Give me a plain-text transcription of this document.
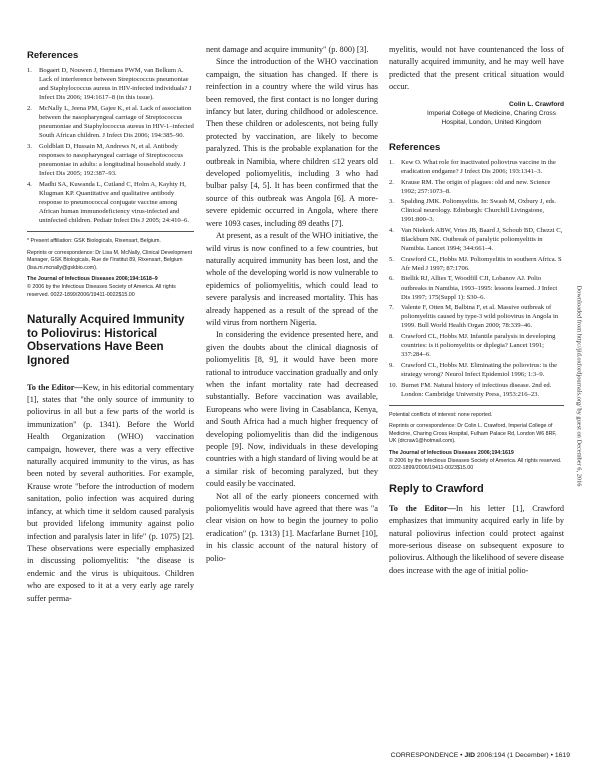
References
1. Bogaert D, Nouwen J, Hermans PWM, van Belkum A. Lack of interference between Streptococcus pneumoniae and Staphylococcus aureus in HIV-infected individuals? J Infect Dis 2006; 194:1617–8 (in this issue).
2. McNally L, Jeena PM, Gajee K, et al. Lack of association between the nasopharyngeal carriage of Streptococcus pneumoniae and Staphylococcus aureus in HIV-1–infected South African children. J Infect Dis 2006; 194:385–90.
3. Goldblatt D, Hussain M, Andrews N, et al. Antibody responses to nasopharyngeal carriage of Streptococcus pneumoniae in adults: a longitudinal household study. J Infect Dis 2005; 192:387–93.
4. Madhi SA, Kuwanda L, Cutland C, Holm A, Kayhty H, Klugman KP. Quantitative and qualitative antibody response to pneumococcal conjugate vaccine among African human immunodeficiency virus-infected and uninfected children. Pediatr Infect Dis J 2005; 24:410–6.
* Present affiliation: GSK Biologicals, Rixensart, Belgium.
Reprints or correspondence: Dr Lisa M. McNally, Clinical Development Manager, GSK Biologicals, Rue de l'Institut 89, Rixensart, Belgium (lisa.m.mcnally@gskbio.com).
The Journal of Infectious Diseases 2006;194:1618–9
© 2006 by the Infectious Diseases Society of America. All rights reserved. 0022-1899/2006/19411-0022$15.00
Naturally Acquired Immunity to Poliovirus: Historical Observations Have Been Ignored

To the Editor—Kew, in his editorial commentary [1], states that "the only source of immunity to poliovirus in all but a few parts of the world is immunization" (p. 1341). Before the World Health Organization (WHO) vaccination campaign, however, there was a very effective naturally acquired immunity to the virus, as has been noted by several authorities. For example, Krause wrote "before the introduction of modern sanitation, polio infection was acquired during infancy, at which time it seldom caused paralysis but provided lifelong immunity against polio infection and paralysis later in life" (p. 1075) [2]. These observations were especially emphasized in discussing poliomyelitis: "the disease is endemic and the virus is ubiquitous. Children who are exposed to it at a very early age rarely suffer perma-

nent damage and acquire immunity" (p. 800) [3].

Since the introduction of the WHO vaccination campaign, the situation has changed. If there is reinfection in a country where the wild virus has been removed, the first contact is no longer during infancy but later, during childhood or adolescence. Then these children or adolescents, not being fully protected by vaccination, are likely to become paralyzed. This is the probable explanation for the outbreak in Namibia, where children ≤12 years old developed poliomyelitis, including 3 who had bulbar palsy [4, 5]. It has been confirmed that the source of this outbreak was Angola [6]. A more-severe epidemic occurred in Angola, where there were 1093 cases, including 89 deaths [7].

At present, as a result of the WHO initiative, the wild virus is now confined to a few countries, but naturally acquired immunity has been lost, and the whole of the developing world is now vulnerable to epidemics of poliomyelitis, which could lead to severe paralysis and increased mortality. This has already happened as a result of the spread of the wild virus from northern Nigeria.

In considering the evidence presented here, and given the doubts about the clinical diagnosis of poliomyelitis [8, 9], it would have been more rational to introduce vaccination gradually and only when the infant mortality rate had decreased substantially. Before vaccination was available, Europeans who were living in Casablanca, Kenya, and South Africa had a much higher frequency of developing poliomyelitis than did the indigenous people [9]. Now, individuals in these developing countries with a high standard of living would be at a similar risk of becoming paralyzed, but they could easily be vaccinated.

Not all of the early pioneers concerned with poliomyelitis would have agreed that there was "a clear vision on how to begin the journey to polio eradication" (p. 1313) [1]. Macfarlane Burnet [10], in his classic account of the natural history of polio-

myelitis, would not have countenanced the loss of naturally acquired immunity, and he may well have predicted that the present critical situation would occur.

Colin L. Crawford
Imperial College of Medicine, Charing Cross Hospital, London, United Kingdom
References
1. Kew O. What role for inactivated poliovirus vaccine in the eradication endgame? J Infect Dis 2006; 193:1341–3.
2. Krause RM. The origin of plagues: old and new. Science 1992; 257:1073–8.
3. Spalding JMK. Poliomyelitis. In: Swash M, Oxbury J, eds. Clinical neurology. Edinburgh: Churchill Livingstone, 1991:800–3.
4. Van Niekerk ABW, Vries JB, Baard J, Schoub BD, Chezzi C, Blackburn NK. Outbreak of paralytic poliomyelitis in Namibia. Lancet 1994; 344:661–4.
5. Crawford CL, Hobbs MJ. Poliomyelitis in southern Africa. S Afr Med J 1997; 87:1706.
6. Biellik RJ, Allies T, Woodfill CJI, Lobanov AJ. Polio outbreaks in Namibia, 1993–1995: lessons learned. J Infect Dis 1997; 175(Suppl 1): S30–6.
7. Valente F, Otten M, Balbina F, et al. Massive outbreak of poliomyelitis caused by type-3 wild poliovirus in Angola in 1999. Bull World Health Organ 2000; 78:339–46.
8. Crawford CL, Hobbs MJ. Infantile paralysis in developing countries: is it poliomyelitis or diplegia? Lancet 1991; 337:284–6.
9. Crawford CL, Hobbs MJ. Eliminating the poliovirus: is the strategy wrong? Neurol Infect Epidemiol 1996; 1:3–9.
10. Burnet FM. Natural history of infectious disease. 2nd ed. London: Cambridge University Press, 1953:216–23.
Potential conflicts of interest: none reported.
Reprints or correspondence: Dr Colin L. Crawford, Imperial College of Medicine, Charing Cross Hospital, Fulham Palace Rd, London W6 8RF, UK (drcraw1@hotmail.com).
The Journal of Infectious Diseases 2006;194:1619
© 2006 by the Infectious Diseases Society of America. All rights reserved. 0022-1899/2006/19411-0023$15.00
Reply to Crawford

To the Editor—In his letter [1], Crawford emphasizes that immunity acquired early in life by natural poliovirus infection could protect against more-serious disease on subsequent exposure to poliovirus. Although the likelihood of severe disease does increase with the age of initial polio-

CORRESPONDENCE • JID 2006:194 (1 December) • 1619
Downloaded from http://jid.oxfordjournals.org/ by guest on December 6, 2016
